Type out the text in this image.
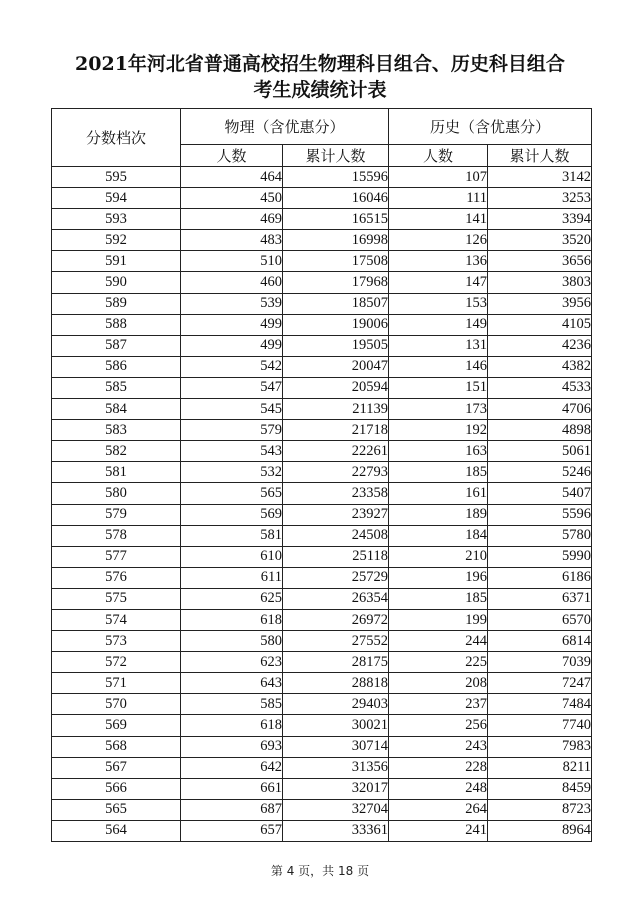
2021年河北省普通高校招生物理科目组合、历史科目组合
考生成绩统计表
分数档次	物理（含优惠分）		历史（含优惠分）	
	人数	累计人数	人数	累计人数
595	464	15596	107	3142
594	450	16046	111	3253
593	469	16515	141	3394
592	483	16998	126	3520
591	510	17508	136	3656
590	460	17968	147	3803
589	539	18507	153	3956
588	499	19006	149	4105
587	499	19505	131	4236
586	542	20047	146	4382
585	547	20594	151	4533
584	545	21139	173	4706
583	579	21718	192	4898
582	543	22261	163	5061
581	532	22793	185	5246
580	565	23358	161	5407
579	569	23927	189	5596
578	581	24508	184	5780
577	610	25118	210	5990
576	611	25729	196	6186
575	625	26354	185	6371
574	618	26972	199	6570
573	580	27552	244	6814
572	623	28175	225	7039
571	643	28818	208	7247
570	585	29403	237	7484
569	618	30021	256	7740
568	693	30714	243	7983
567	642	31356	228	8211
566	661	32017	248	8459
565	687	32704	264	8723
564	657	33361	241	8964
第 4 页，共 18 页
